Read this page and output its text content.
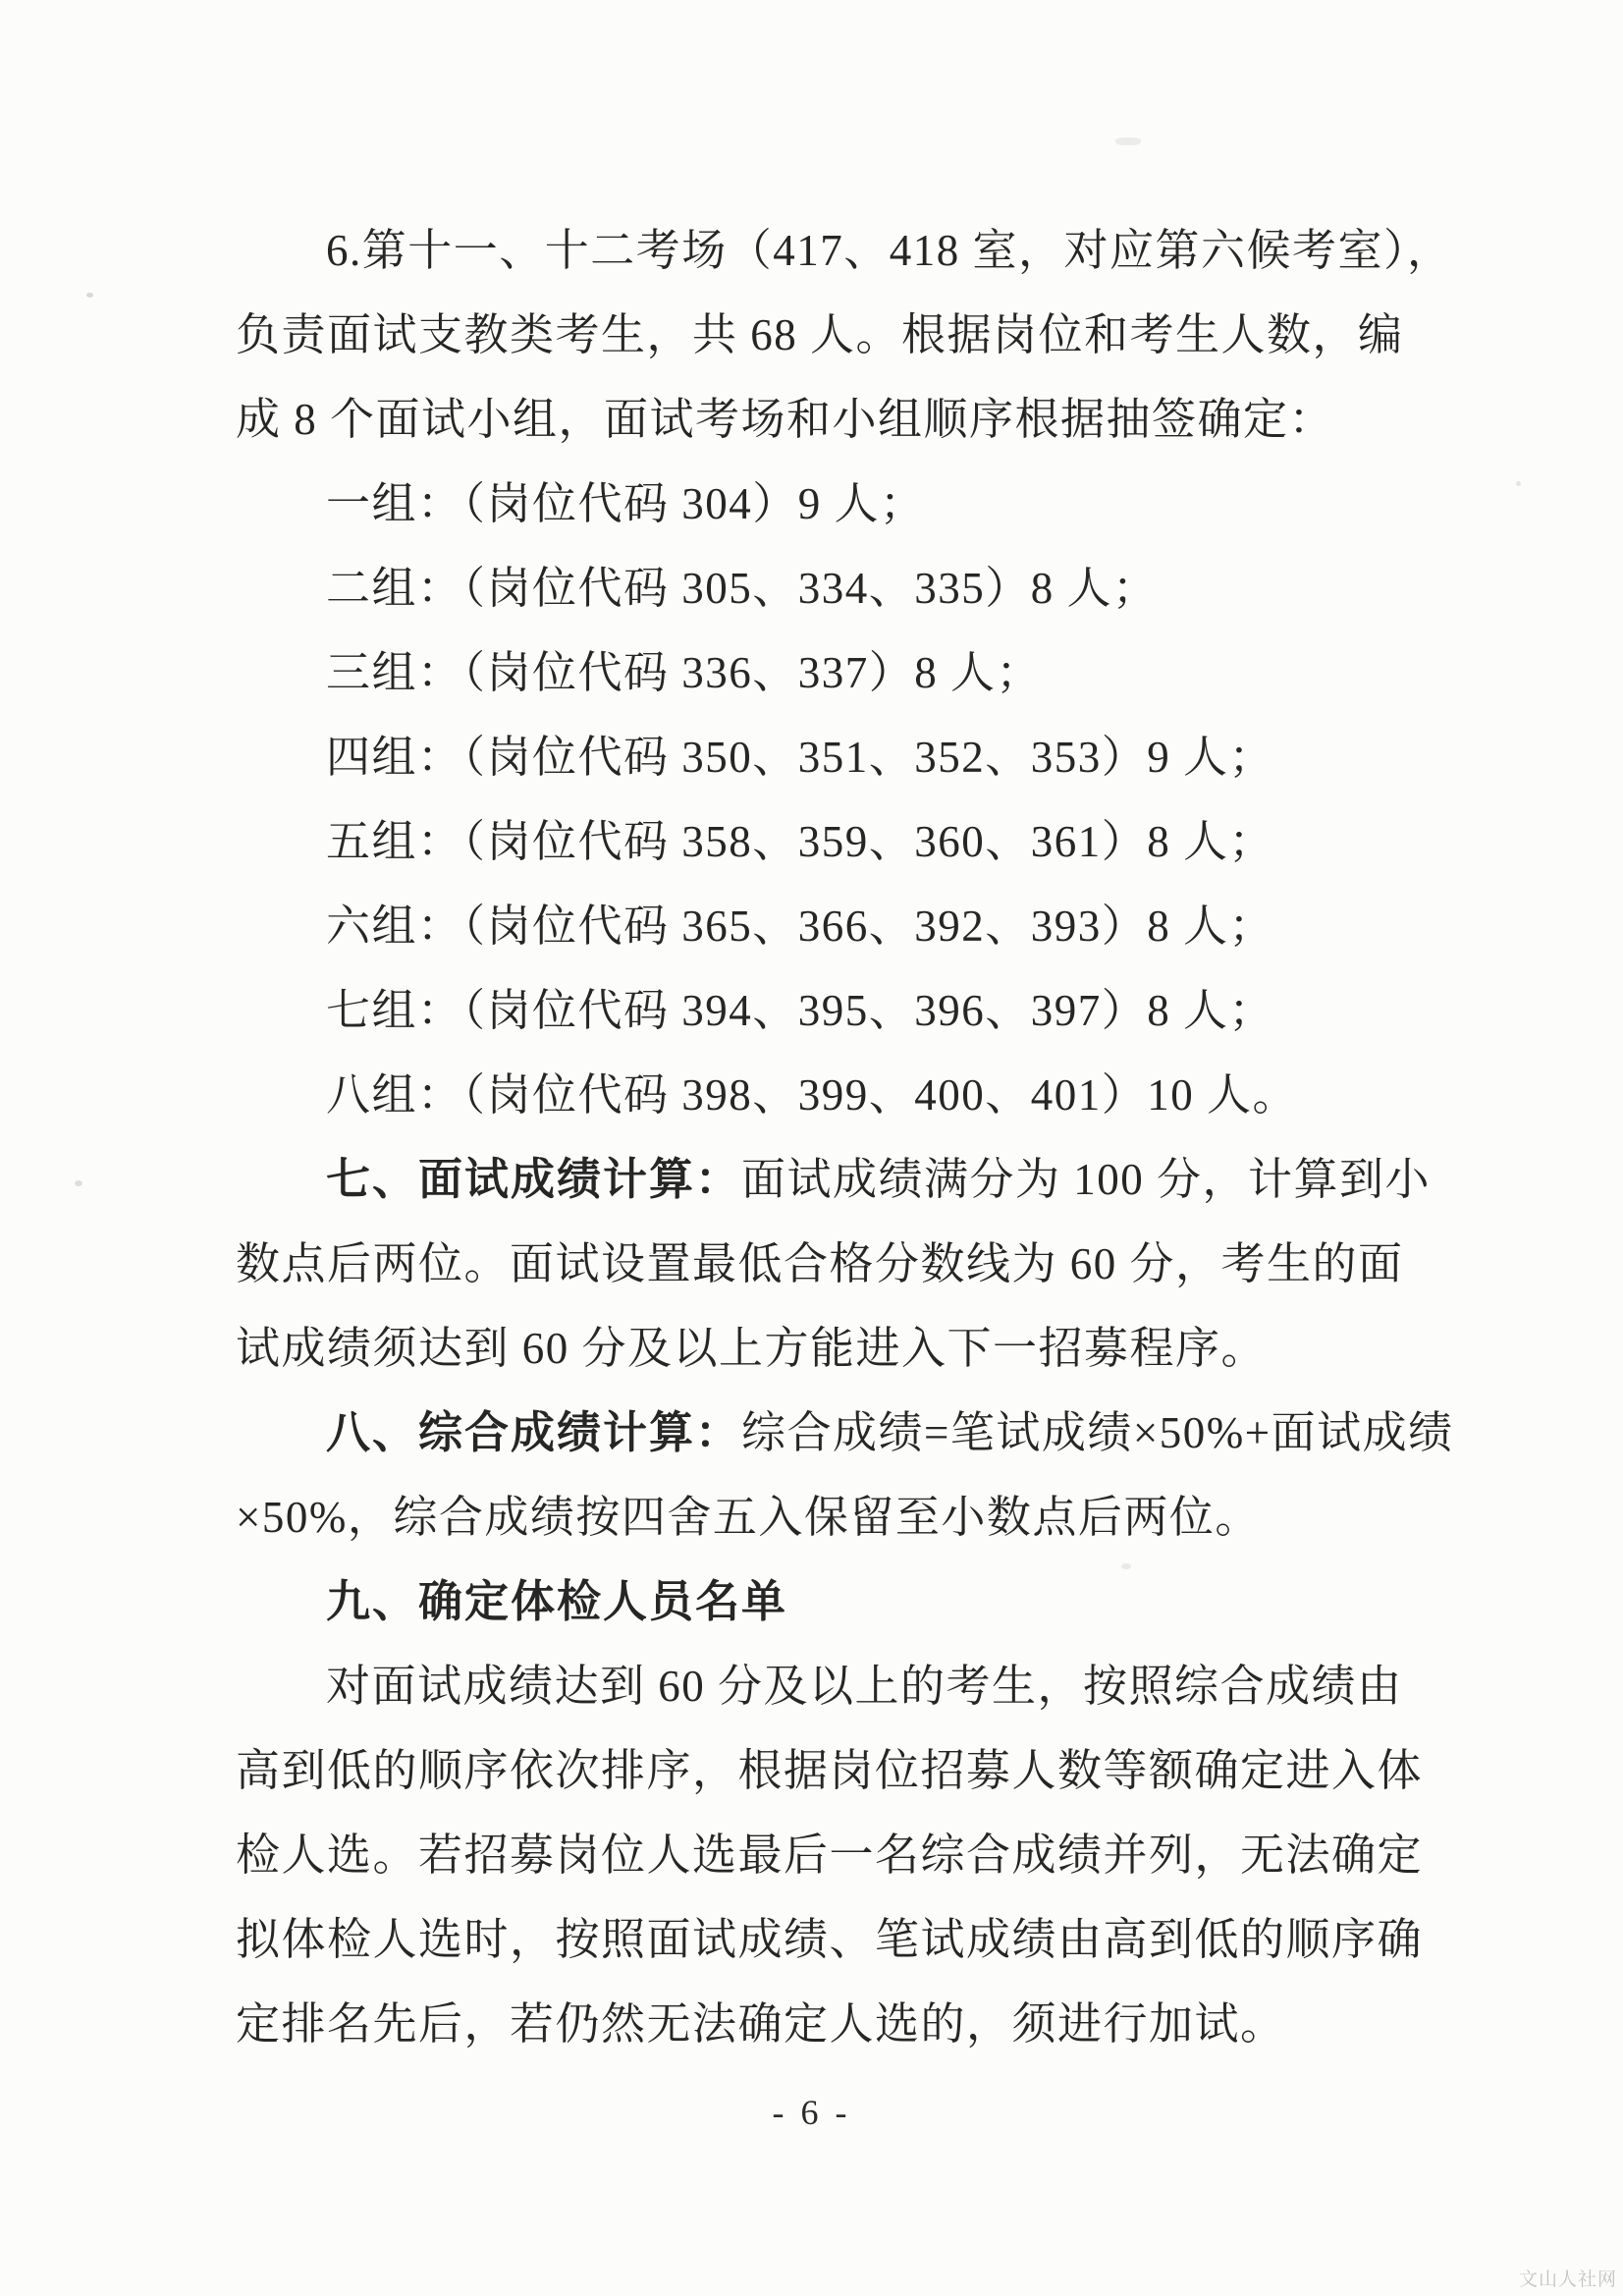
6.第十一、十二考场（417、418 室，对应第六候考室），
负责面试支教类考生，共 68 人。根据岗位和考生人数，编
成 8 个面试小组，面试考场和小组顺序根据抽签确定：
一组：（岗位代码 304）9 人；
二组：（岗位代码 305、334、335）8 人；
三组：（岗位代码 336、337）8 人；
四组：（岗位代码 350、351、352、353）9 人；
五组：（岗位代码 358、359、360、361）8 人；
六组：（岗位代码 365、366、392、393）8 人；
七组：（岗位代码 394、395、396、397）8 人；
八组：（岗位代码 398、399、400、401）10 人。
七、面试成绩计算：面试成绩满分为 100 分，计算到小
数点后两位。面试设置最低合格分数线为 60 分，考生的面
试成绩须达到 60 分及以上方能进入下一招募程序。
八、综合成绩计算：综合成绩=笔试成绩×50%+面试成绩
×50%，综合成绩按四舍五入保留至小数点后两位。
九、确定体检人员名单
对面试成绩达到 60 分及以上的考生，按照综合成绩由
高到低的顺序依次排序，根据岗位招募人数等额确定进入体
检人选。若招募岗位人选最后一名综合成绩并列，无法确定
拟体检人选时，按照面试成绩、笔试成绩由高到低的顺序确
定排名先后，若仍然无法确定人选的，须进行加试。
- 6 -
文山人社网
